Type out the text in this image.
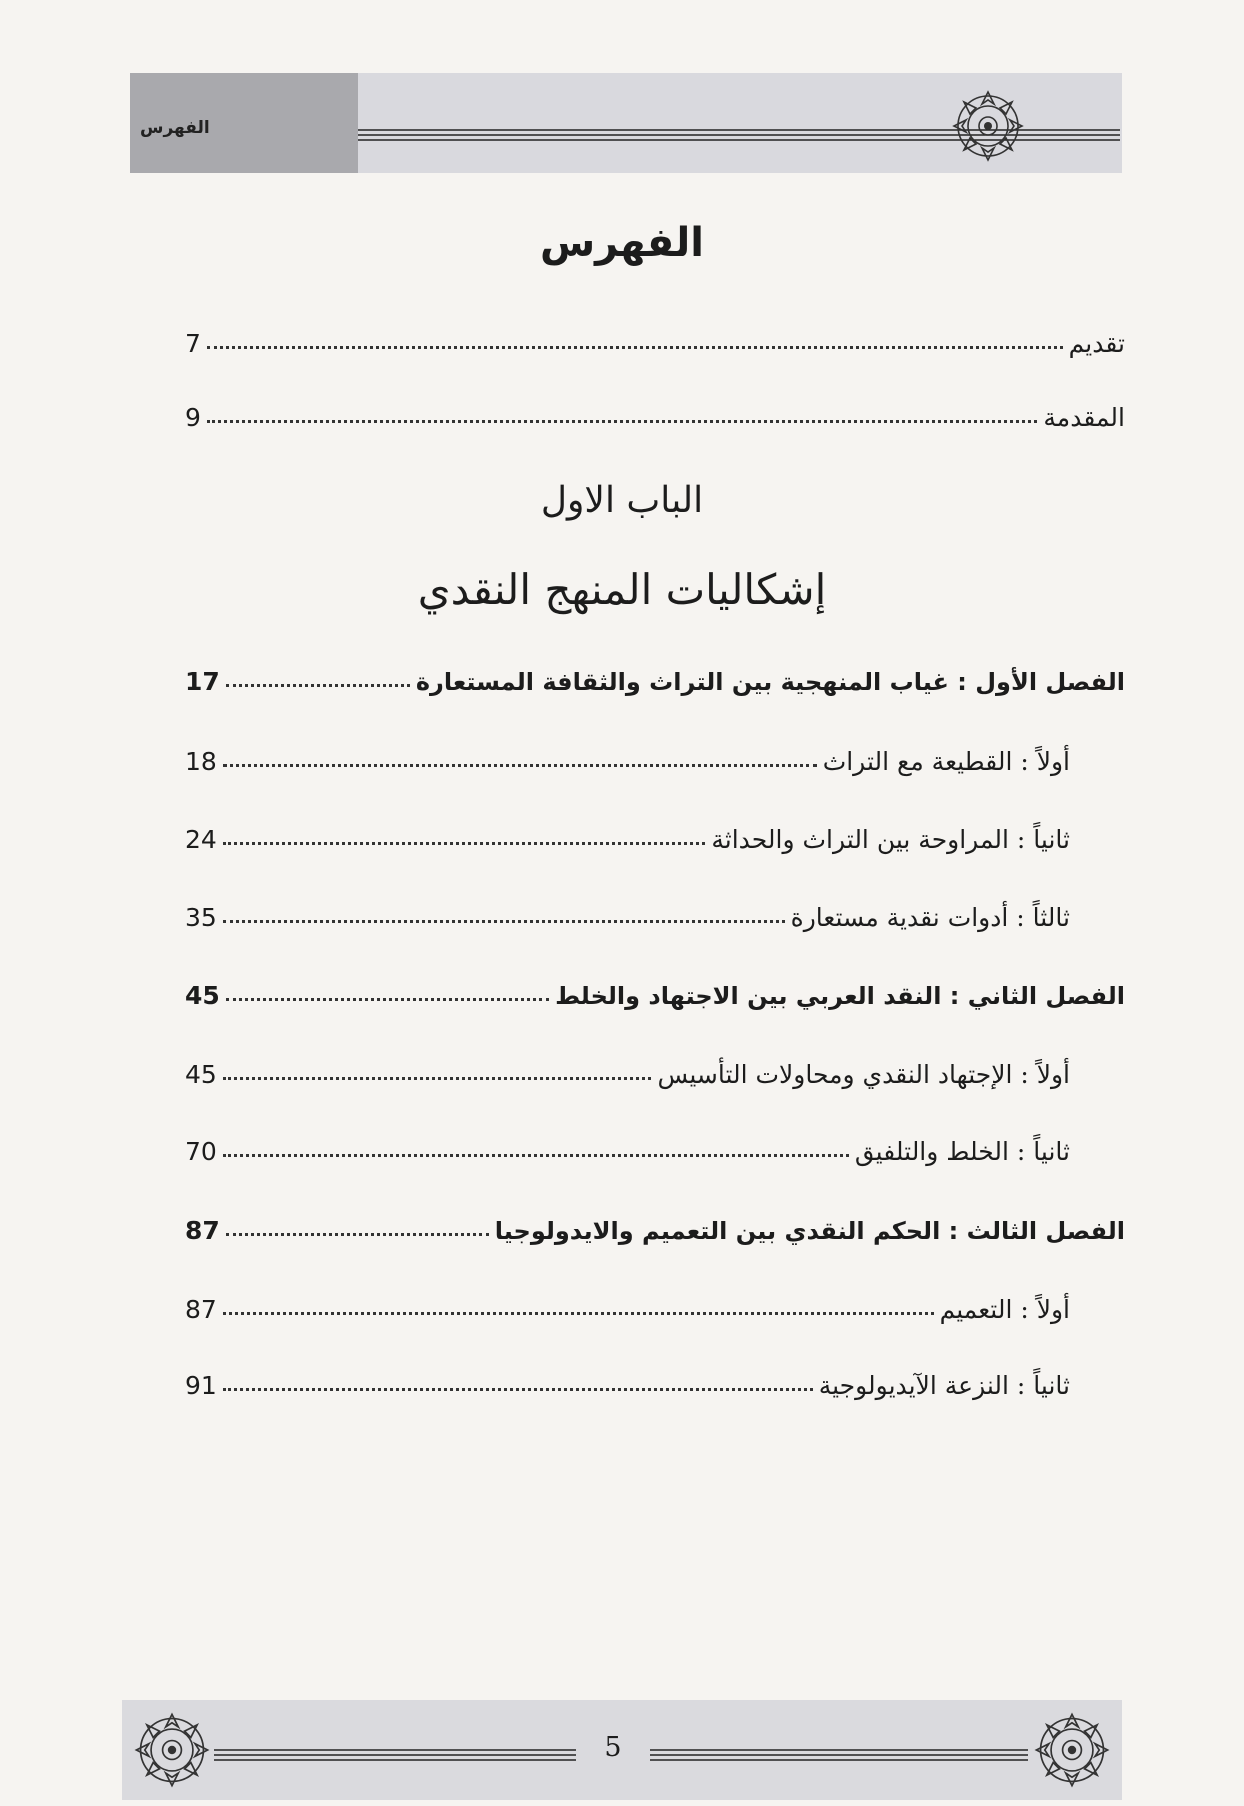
الفهرس
الفهرس
تقديم
7
المقدمة
9
الباب الاول
إشكاليات المنهج النقدي
الفصل الأول : غياب المنهجية بين التراث والثقافة المستعارة
17
أولاً : القطيعة مع التراث
18
ثانياً : المراوحة بين التراث والحداثة
24
ثالثاً : أدوات نقدية مستعارة
35
الفصل الثاني : النقد العربي بين الاجتهاد والخلط
45
أولاً : الإجتهاد النقدي ومحاولات التأسيس
45
ثانياً : الخلط والتلفيق
70
الفصل الثالث : الحكم النقدي بين التعميم والايدولوجيا
87
أولاً : التعميم
87
ثانياً : النزعة الآيديولوجية
91
5
